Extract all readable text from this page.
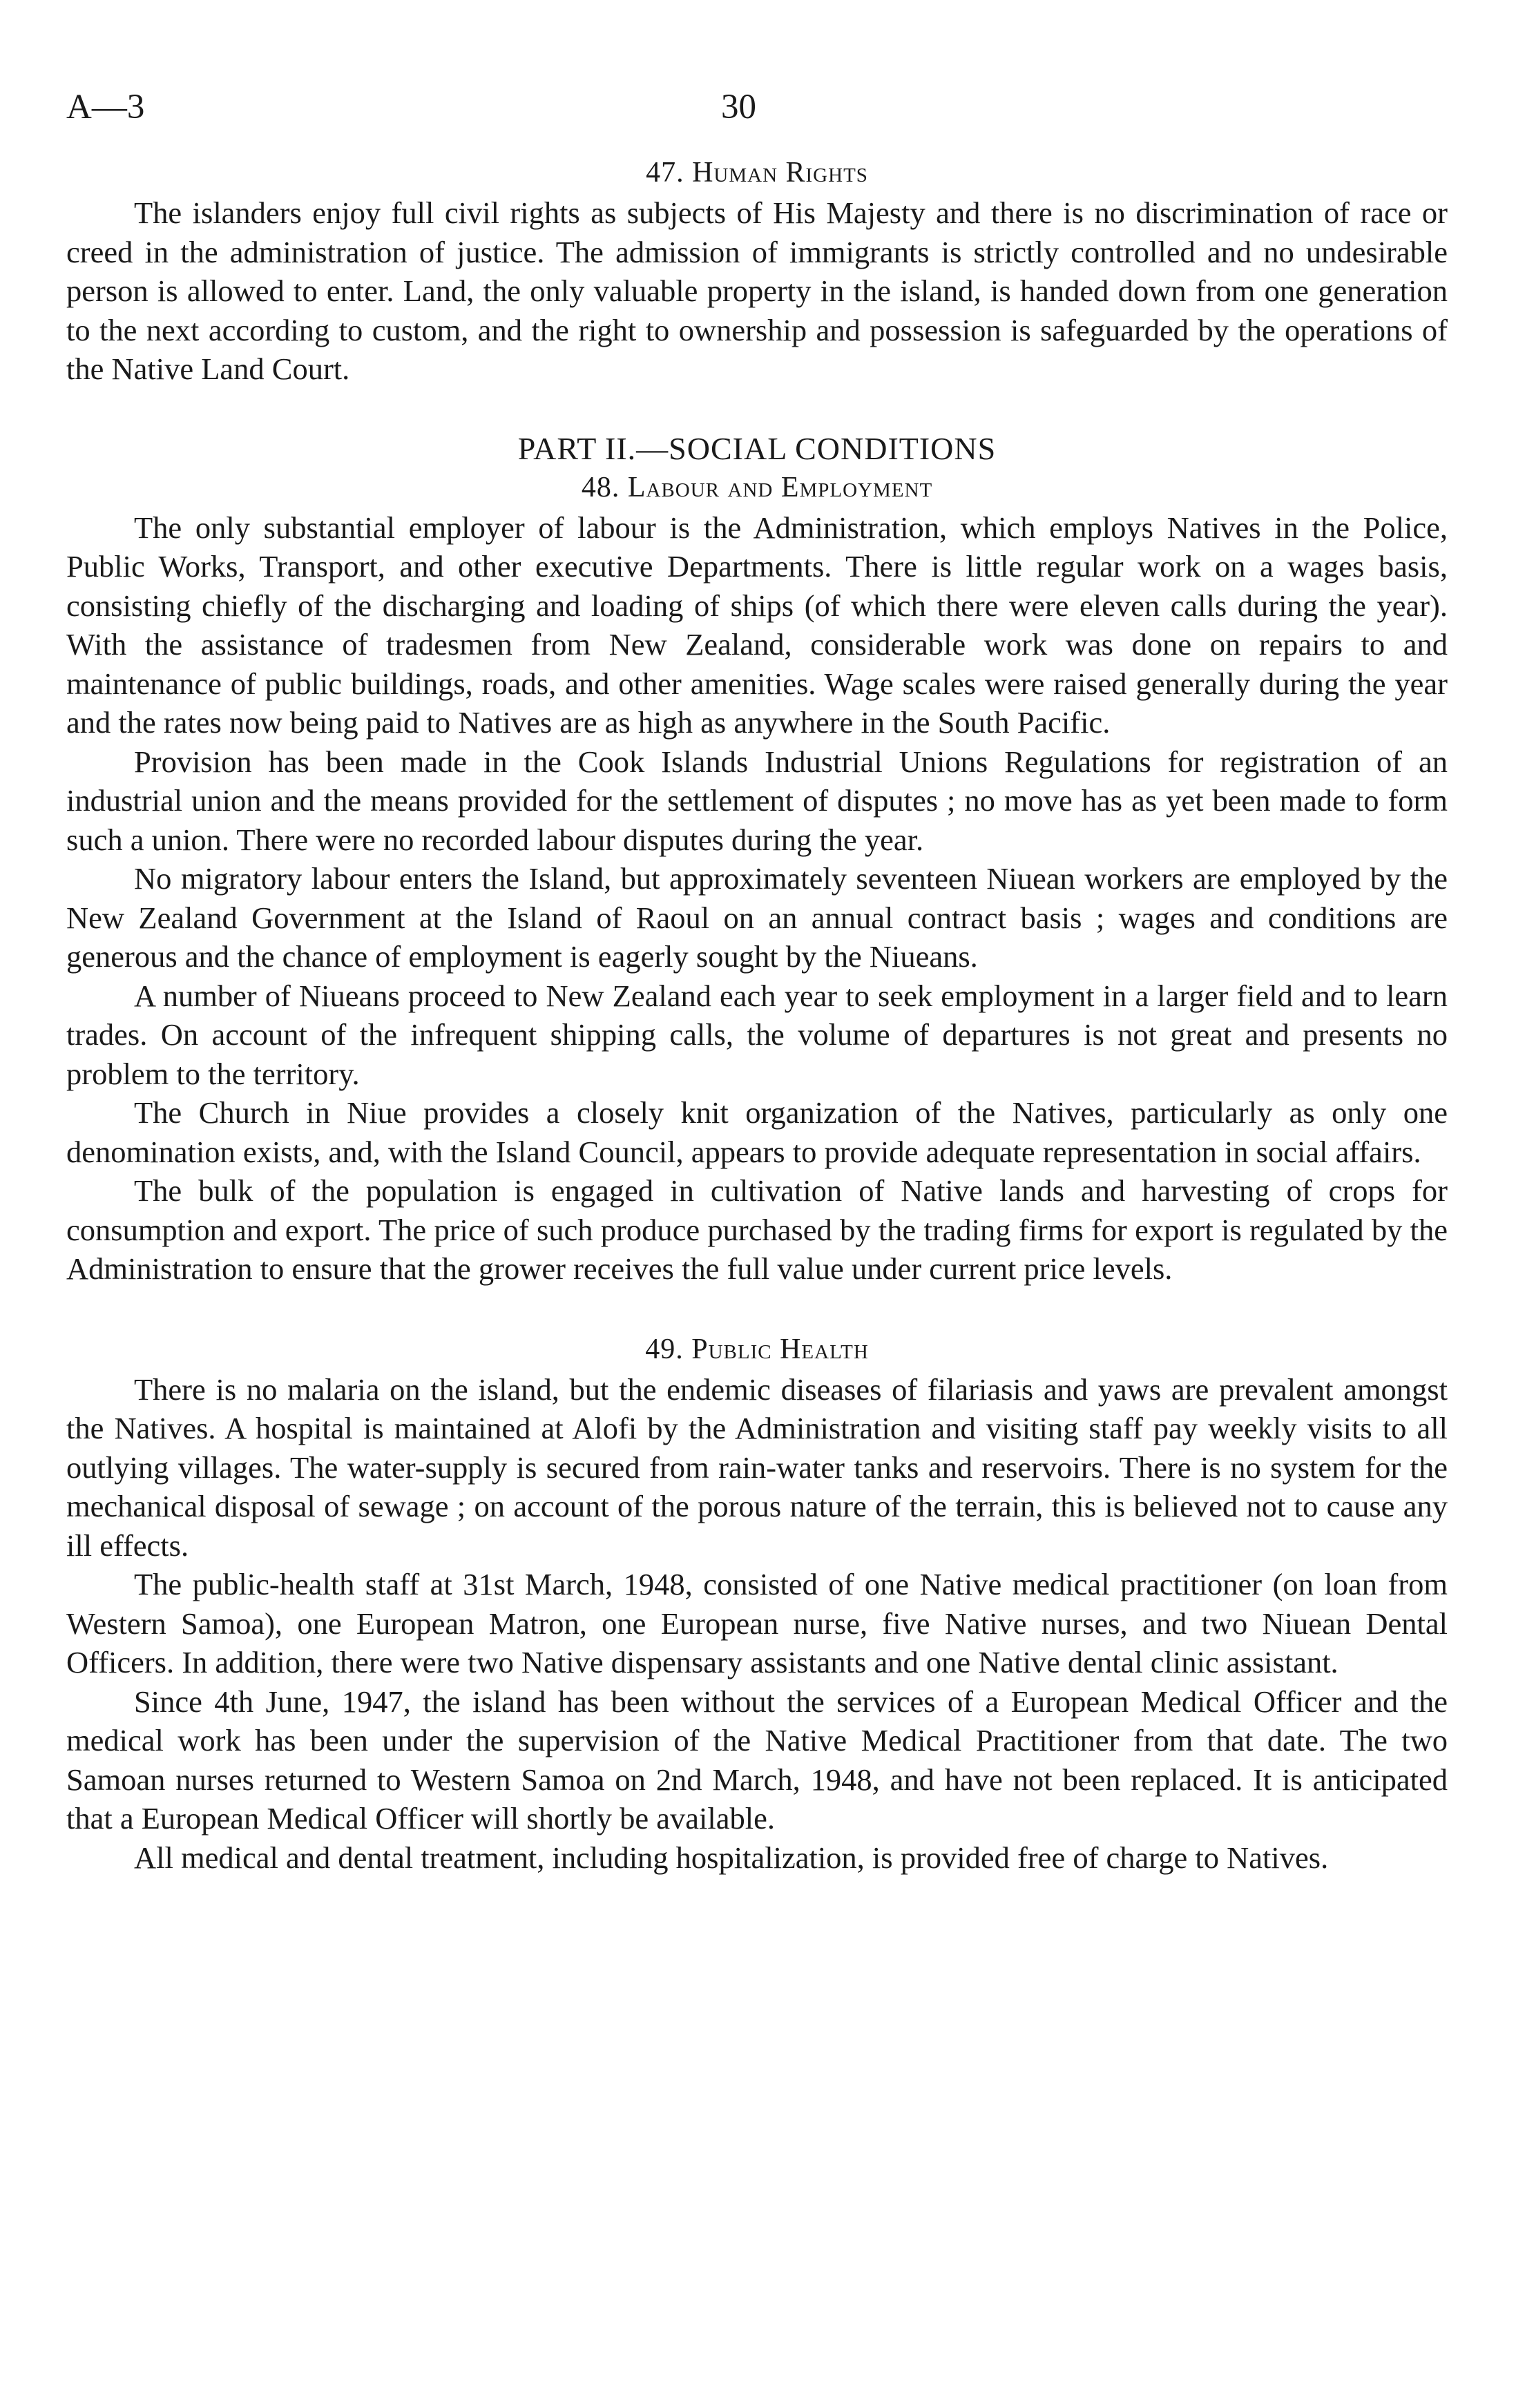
A—3	30
47. Human Rights

The islanders enjoy full civil rights as subjects of His Majesty and there is no discrimination of race or creed in the administration of justice. The admission of immigrants is strictly controlled and no undesirable person is allowed to enter. Land, the only valuable property in the island, is handed down from one generation to the next according to custom, and the right to ownership and possession is safeguarded by the operations of the Native Land Court.

PART II.—SOCIAL CONDITIONS
48. Labour and Employment

The only substantial employer of labour is the Administration, which employs Natives in the Police, Public Works, Transport, and other executive Departments. There is little regular work on a wages basis, consisting chiefly of the discharging and loading of ships (of which there were eleven calls during the year). With the assistance of tradesmen from New Zealand, considerable work was done on repairs to and maintenance of public buildings, roads, and other amenities. Wage scales were raised generally during the year and the rates now being paid to Natives are as high as anywhere in the South Pacific.

Provision has been made in the Cook Islands Industrial Unions Regulations for registration of an industrial union and the means provided for the settlement of disputes ; no move has as yet been made to form such a union. There were no recorded labour disputes during the year.

No migratory labour enters the Island, but approximately seventeen Niuean workers are employed by the New Zealand Government at the Island of Raoul on an annual contract basis ; wages and conditions are generous and the chance of employment is eagerly sought by the Niueans.

A number of Niueans proceed to New Zealand each year to seek employment in a larger field and to learn trades. On account of the infrequent shipping calls, the volume of departures is not great and presents no problem to the territory.

The Church in Niue provides a closely knit organization of the Natives, particularly as only one denomination exists, and, with the Island Council, appears to provide adequate representation in social affairs.

The bulk of the population is engaged in cultivation of Native lands and harvesting of crops for consumption and export. The price of such produce purchased by the trading firms for export is regulated by the Administration to ensure that the grower receives the full value under current price levels.

49. Public Health

There is no malaria on the island, but the endemic diseases of filariasis and yaws are prevalent amongst the Natives. A hospital is maintained at Alofi by the Administration and visiting staff pay weekly visits to all outlying villages. The water-supply is secured from rain-water tanks and reservoirs. There is no system for the mechanical disposal of sewage ; on account of the porous nature of the terrain, this is believed not to cause any ill effects.

The public-health staff at 31st March, 1948, consisted of one Native medical practitioner (on loan from Western Samoa), one European Matron, one European nurse, five Native nurses, and two Niuean Dental Officers. In addition, there were two Native dispensary assistants and one Native dental clinic assistant.

Since 4th June, 1947, the island has been without the services of a European Medical Officer and the medical work has been under the supervision of the Native Medical Practitioner from that date. The two Samoan nurses returned to Western Samoa on 2nd March, 1948, and have not been replaced. It is anticipated that a European Medical Officer will shortly be available.

All medical and dental treatment, including hospitalization, is provided free of charge to Natives.
